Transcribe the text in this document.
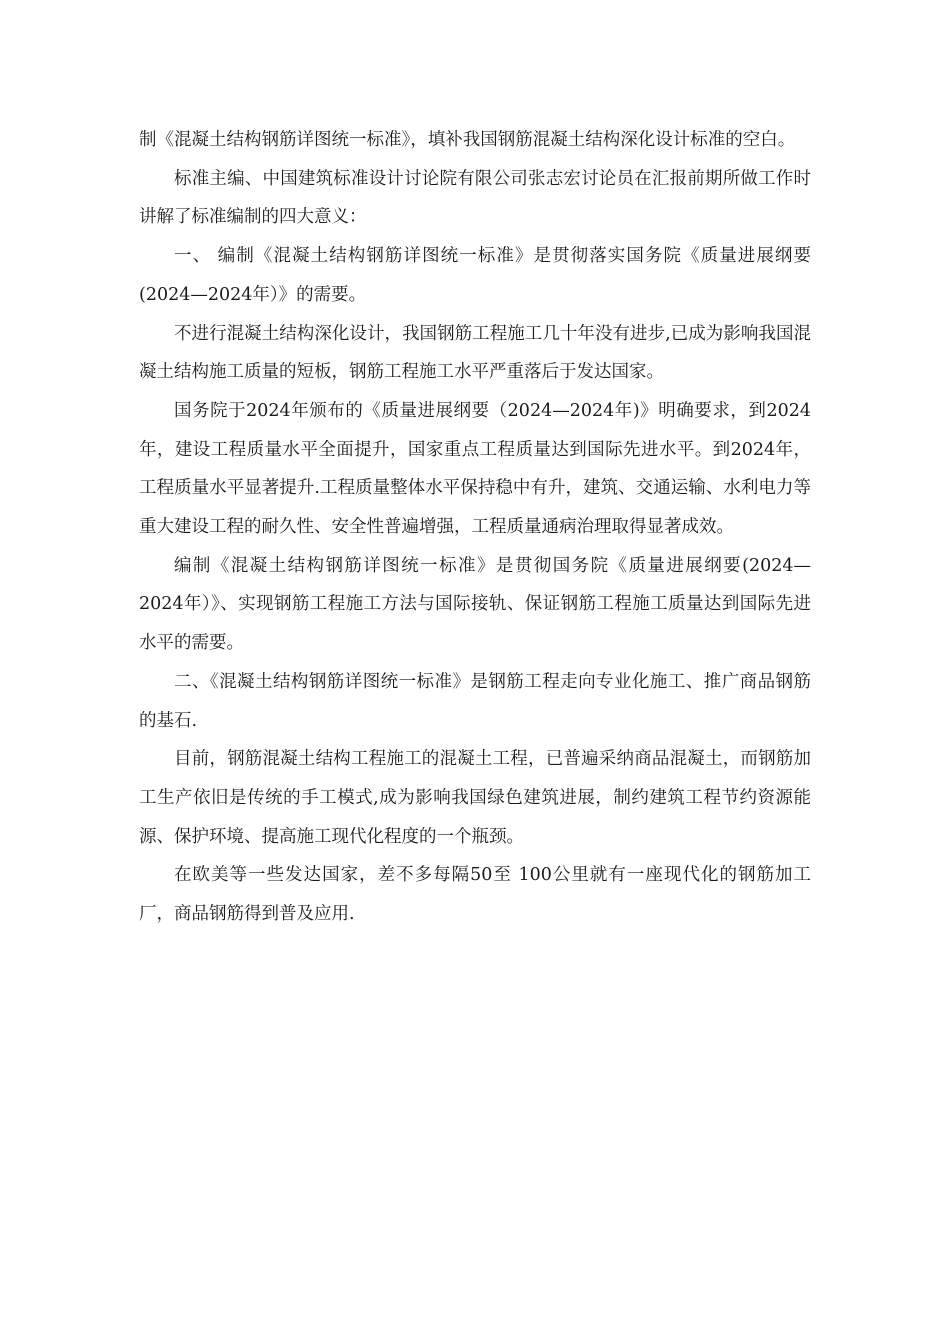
制《混凝土结构钢筋详图统一标准》，填补我国钢筋混凝土结构深化设计标准的空白。

标准主编、中国建筑标准设计讨论院有限公司张志宏讨论员在汇报前期所做工作时讲解了标准编制的四大意义：

一、 编制《混凝土结构钢筋详图统一标准》是贯彻落实国务院《质量进展纲要(2024—2024年）》的需要。

不进行混凝土结构深化设计，我国钢筋工程施工几十年没有进步,已成为影响我国混凝土结构施工质量的短板，钢筋工程施工水平严重落后于发达国家。

国务院于2024年颁布的《质量进展纲要（2024—2024年)》明确要求，到2024年，建设工程质量水平全面提升，国家重点工程质量达到国际先进水平。到2024年，工程质量水平显著提升.工程质量整体水平保持稳中有升，建筑、交通运输、水利电力等重大建设工程的耐久性、安全性普遍增强，工程质量通病治理取得显著成效。

编制《混凝土结构钢筋详图统一标准》是贯彻国务院《质量进展纲要(2024—2024年）》、实现钢筋工程施工方法与国际接轨、保证钢筋工程施工质量达到国际先进水平的需要。

二、《混凝土结构钢筋详图统一标准》是钢筋工程走向专业化施工、推广商品钢筋的基石.

目前，钢筋混凝土结构工程施工的混凝土工程，已普遍采纳商品混凝土，而钢筋加工生产依旧是传统的手工模式,成为影响我国绿色建筑进展，制约建筑工程节约资源能源、保护环境、提高施工现代化程度的一个瓶颈。

在欧美等一些发达国家，差不多每隔50至 100公里就有一座现代化的钢筋加工厂，商品钢筋得到普及应用.
